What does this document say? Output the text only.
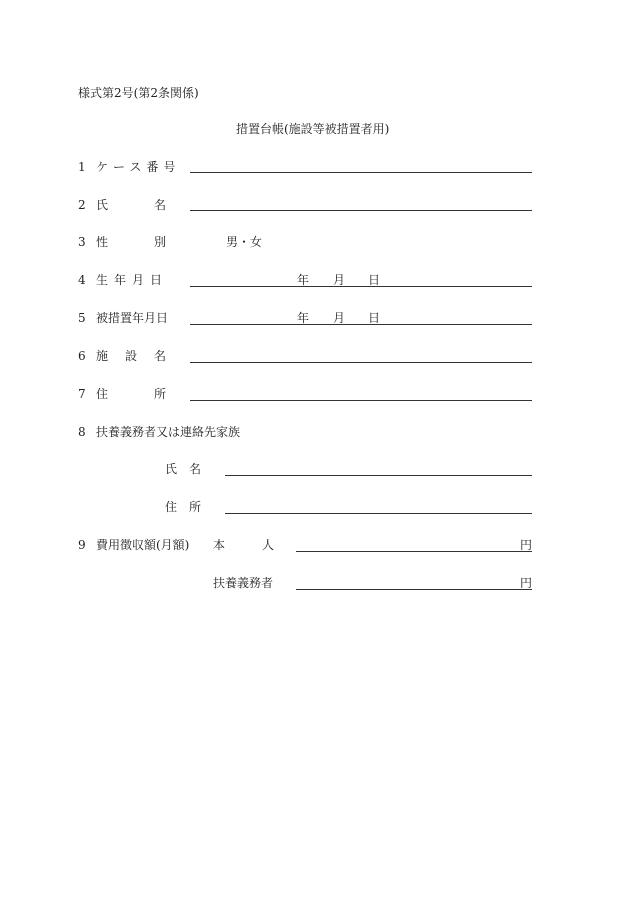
様式第2号(第2条関係)
措置台帳(施設等被措置者用)
1 ケース番号
2 氏	名
3 性	別	男・女
4 生年月日	年 月 日
5 被措置年月日	年 月 日
6 施設名
7 住	所
8 扶養義務者又は連絡先家族
氏　名
住　所
9 費用徴収額(月額) 本	人	円
扶養義務者	円
